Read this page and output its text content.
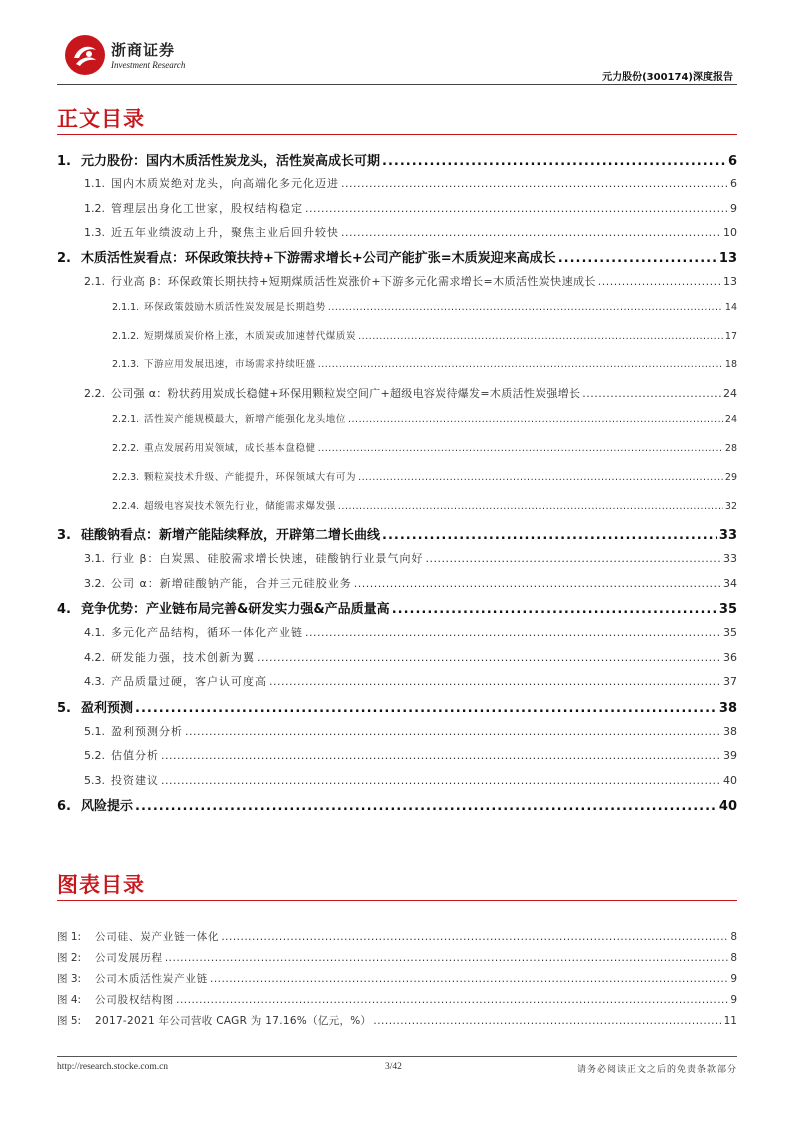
浙商证券
Investment Research
元力股份(300174)深度报告
正文目录
1. 元力股份：国内木质活性炭龙头，活性炭高成长可期 .....	6
1.1. 国内木质炭绝对龙头，向高端化多元化迈进 .....	6
1.2. 管理层出身化工世家，股权结构稳定 .....	9
1.3. 近五年业绩波动上升，聚焦主业后回升较快 .....	10
2. 木质活性炭看点：环保政策扶持+下游需求增长+公司产能扩张=木质炭迎来高成长 .....	13
2.1. 行业高 β：环保政策长期扶持+短期煤质活性炭涨价+下游多元化需求增长=木质活性炭快速成长 .....	13
2.1.1. 环保政策鼓励木质活性炭发展是长期趋势 .....	14
2.1.2. 短期煤质炭价格上涨，木质炭或加速替代煤质炭 .....	17
2.1.3. 下游应用发展迅速，市场需求持续旺盛 .....	18
2.2. 公司强 α：粉状药用炭成长稳健+环保用颗粒炭空间广+超级电容炭待爆发=木质活性炭强增长 .....	24
2.2.1. 活性炭产能规模最大，新增产能强化龙头地位 .....	24
2.2.2. 重点发展药用炭领域，成长基本盘稳健 .....	28
2.2.3. 颗粒炭技术升级、产能提升，环保领域大有可为 .....	29
2.2.4. 超级电容炭技术领先行业，储能需求爆发强 .....	32
3. 硅酸钠看点：新增产能陆续释放，开辟第二增长曲线 .....	33
3.1. 行业 β：白炭黑、硅胶需求增长快速，硅酸钠行业景气向好 .....	33
3.2. 公司 α：新增硅酸钠产能，合并三元硅胶业务 .....	34
4. 竞争优势：产业链布局完善&研发实力强&产品质量高 .....	35
4.1. 多元化产品结构，循环一体化产业链 .....	35
4.2. 研发能力强，技术创新为翼 .....	36
4.3. 产品质量过硬，客户认可度高 .....	37
5. 盈利预测 .....	38
5.1. 盈利预测分析 .....	38
5.2. 估值分析 .....	39
5.3. 投资建议 .....	40
6. 风险提示 .....	40
图表目录
图 1:	公司硅、炭产业链一体化 .....	8
图 2:	公司发展历程 .....	8
图 3:	公司木质活性炭产业链 .....	9
图 4:	公司股权结构图 .....	9
图 5:	2017-2021 年公司营收 CAGR 为 17.16%（亿元，%） .....	11
http://research.stocke.com.cn	3/42	请务必阅读正文之后的免责条款部分
